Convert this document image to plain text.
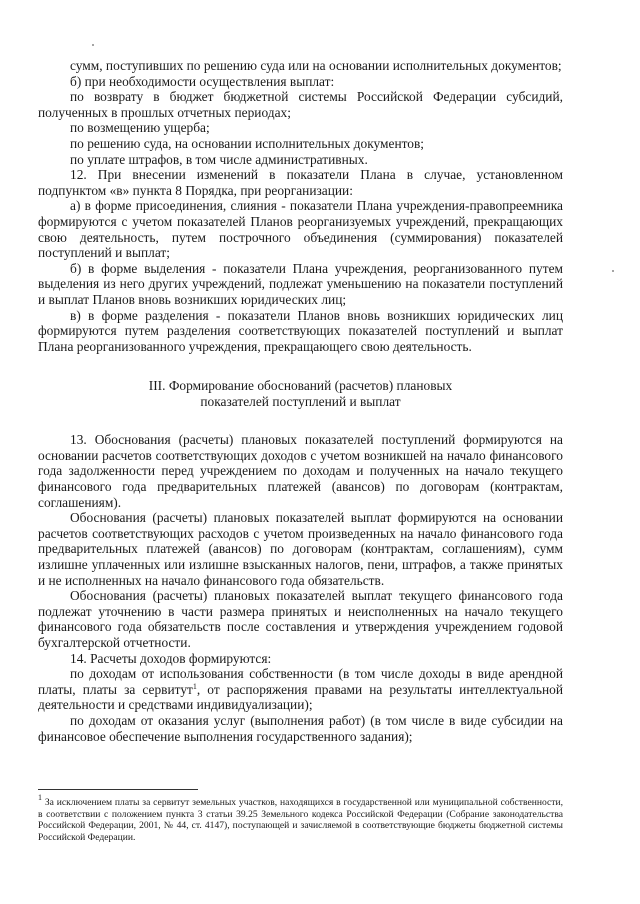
сумм, поступивших по решению суда или на основании исполнительных документов;

б) при необходимости осуществления выплат:

по возврату в бюджет бюджетной системы Российской Федерации субсидий, полученных в прошлых отчетных периодах;

по возмещению ущерба;

по решению суда, на основании исполнительных документов;

по уплате штрафов, в том числе административных.

12. При внесении изменений в показатели Плана в случае, установленном подпунктом «в» пункта 8 Порядка, при реорганизации:

а) в форме присоединения, слияния - показатели Плана учреждения-правопреемника формируются с учетом показателей Планов реорганизуемых учреждений, прекращающих свою деятельность, путем построчного объединения (суммирования) показателей поступлений и выплат;

б) в форме выделения - показатели Плана учреждения, реорганизованного путем выделения из него других учреждений, подлежат уменьшению на показатели поступлений и выплат Планов вновь возникших юридических лиц;

в) в форме разделения - показатели Планов вновь возникших юридических лиц формируются путем разделения соответствующих показателей поступлений и выплат Плана реорганизованного учреждения, прекращающего свою деятельность.

III. Формирование обоснований (расчетов) плановых
показателей поступлений и выплат

13. Обоснования (расчеты) плановых показателей поступлений формируются на основании расчетов соответствующих доходов с учетом возникшей на начало финансового года задолженности перед учреждением по доходам и полученных на начало текущего финансового года предварительных платежей (авансов) по договорам (контрактам, соглашениям).

Обоснования (расчеты) плановых показателей выплат формируются на основании расчетов соответствующих расходов с учетом произведенных на начало финансового года предварительных платежей (авансов) по договорам (контрактам, соглашениям), сумм излишне уплаченных или излишне взысканных налогов, пени, штрафов, а также принятых и не исполненных на начало финансового года обязательств.

Обоснования (расчеты) плановых показателей выплат текущего финансового года подлежат уточнению в части размера принятых и неисполненных на начало текущего финансового года обязательств после составления и утверждения учреждением годовой бухгалтерской отчетности.

14. Расчеты доходов формируются:

по доходам от использования собственности (в том числе доходы в виде арендной платы, платы за сервитут$^1$, от распоряжения правами на результаты интеллектуальной деятельности и средствами индивидуализации);

по доходам от оказания услуг (выполнения работ) (в том числе в виде субсидии на финансовое обеспечение выполнения государственного задания);

$^1$ За исключением платы за сервитут земельных участков, находящихся в государственной или муниципальной собственности, в соответствии с положением пункта 3 статьи 39.25 Земельного кодекса Российской Федерации (Собрание законодательства Российской Федерации, 2001, № 44, ст. 4147), поступающей и зачисляемой в соответствующие бюджеты бюджетной системы Российской Федерации.
